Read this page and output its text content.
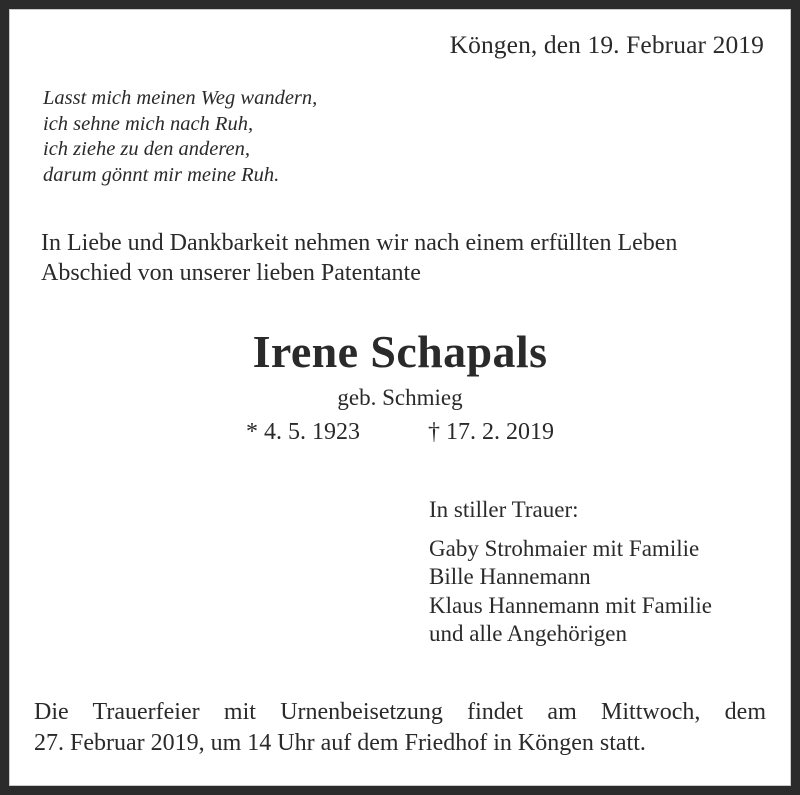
Köngen, den 19. Februar 2019
Lasst mich meinen Weg wandern,
ich sehne mich nach Ruh,
ich ziehe zu den anderen,
darum gönnt mir meine Ruh.
In Liebe und Dankbarkeit nehmen wir nach einem erfüllten Leben
Abschied von unserer lieben Patentante
Irene Schapals
geb. Schmieg
* 4. 5. 1923	† 17. 2. 2019
In stiller Trauer:
Gaby Strohmaier mit Familie
Bille Hannemann
Klaus Hannemann mit Familie
und alle Angehörigen
Die Trauerfeier mit Urnenbeisetzung findet am Mittwoch, dem
27. Februar 2019, um 14 Uhr auf dem Friedhof in Köngen statt.
